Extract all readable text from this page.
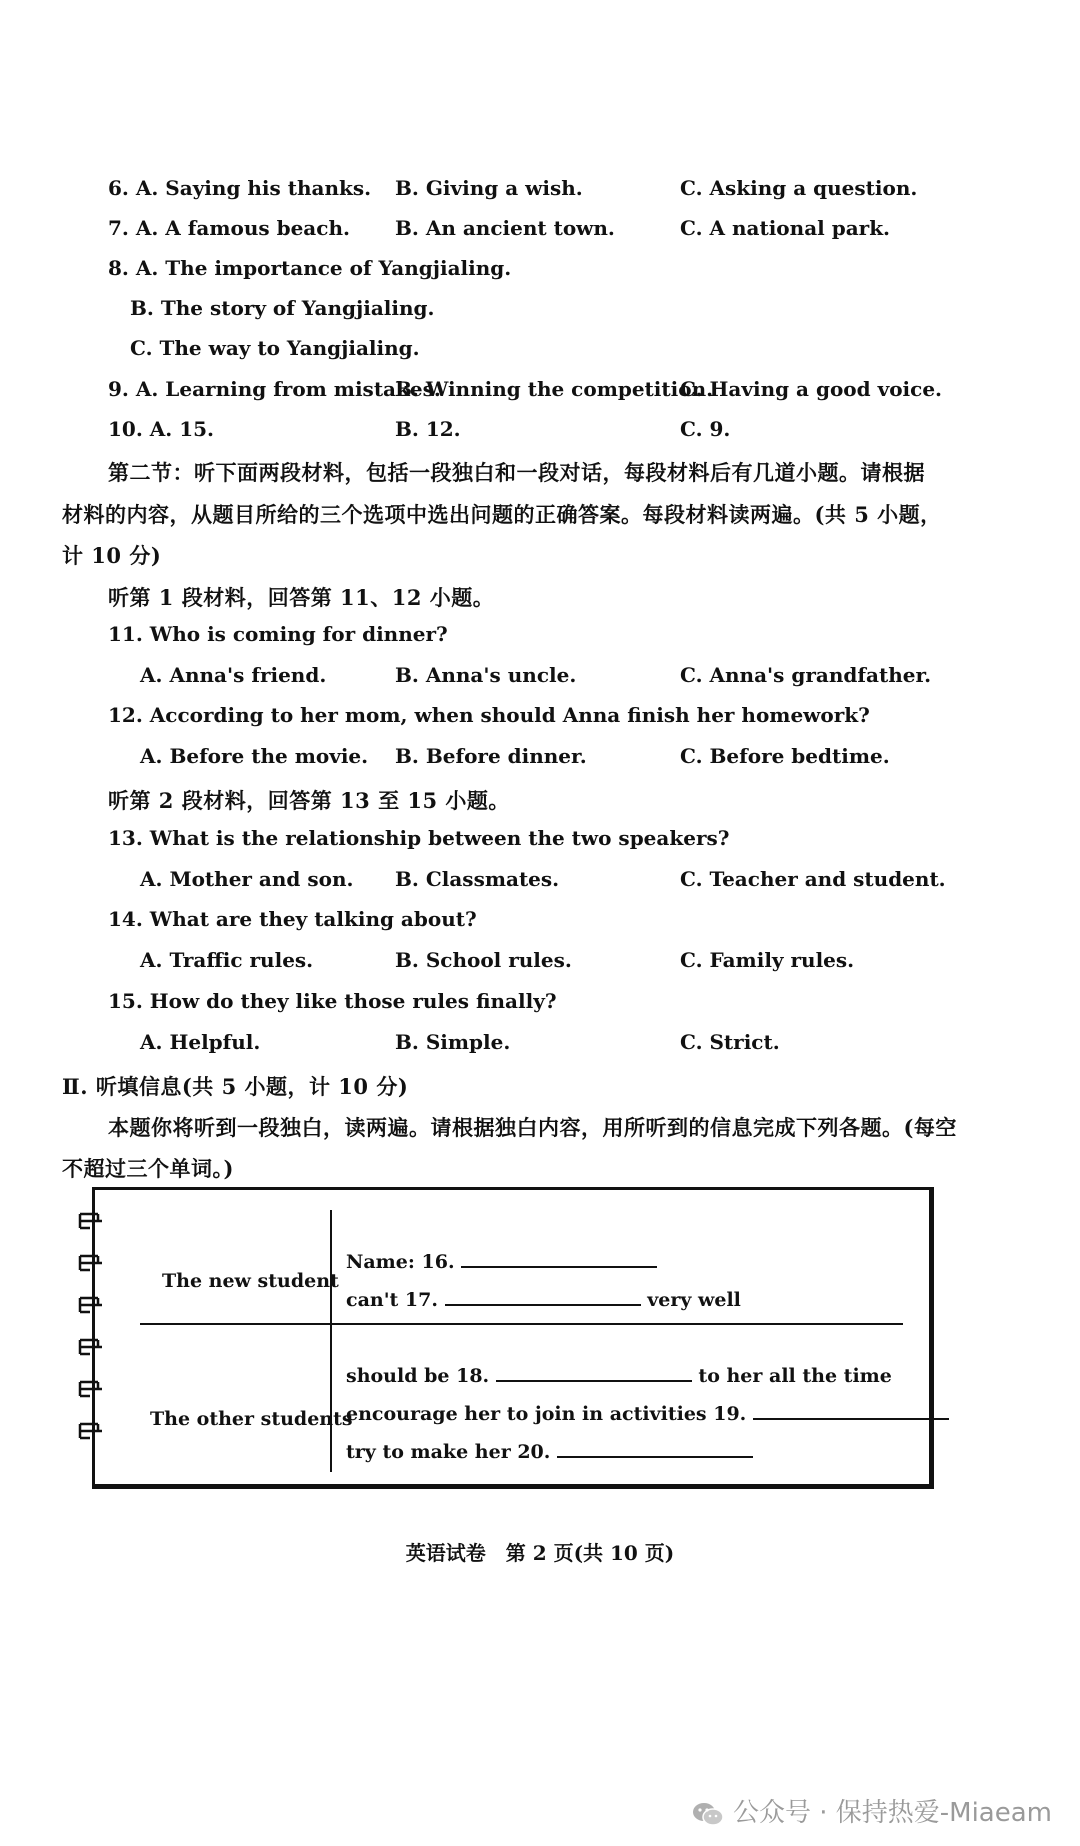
6. A. Saying his thanks. B. Giving a wish.	C. Asking a question.
7. A. A famous beach. B. An ancient town.	C. A national park.
8. A. The importance of Yangjialing.
B. The story of Yangjialing.
C. The way to Yangjialing.
9. A. Learning from mistakes.
B. Winning the competition.
C. Having a good voice.
10. A. 15.	B. 12.	C. 9.
第二节：听下面两段材料，包括一段独白和一段对话，每段材料后有几道小题。请根据
材料的内容，从题目所给的三个选项中选出问题的正确答案。每段材料读两遍。(共 5 小题，
计 10 分)
听第 1 段材料，回答第 11、12 小题。
11. Who is coming for dinner?
A. Anna's friend.	B. Anna's uncle.	C. Anna's grandfather.
12. According to her mom, when should Anna finish her homework?
A. Before the movie. B. Before dinner.	C. Before bedtime.
听第 2 段材料，回答第 13 至 15 小题。
13. What is the relationship between the two speakers?
A. Mother and son. B. Classmates.	C. Teacher and student.
14. What are they talking about?
A. Traffic rules.	B. School rules.	C. Family rules.
15. How do they like those rules finally?
A. Helpful.	B. Simple.	C. Strict.
Ⅱ. 听填信息(共 5 小题，计 10 分)
本题你将听到一段独白，读两遍。请根据独白内容，用所听到的信息完成下列各题。(每空
不超过三个单词。)
The new student
Name: 16.
can't 17.	very well
The other students
should be 18.	to her all the time
encourage her to join in activities 19.
try to make her 20.
英语试卷　第 2 页(共 10 页)
公众号 · 保持热爱-Miaeam
